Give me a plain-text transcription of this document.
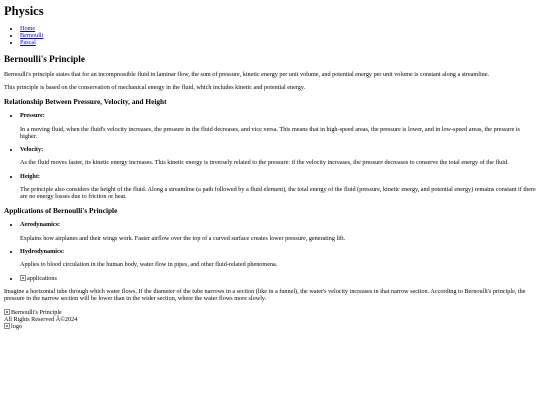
Physics
• Home
• Bernoulli
• Pascal
Bernoulli's Principle

Bernoulli's principle states that for an incompressible fluid in laminar flow, the sum of pressure, kinetic energy per unit volume, and potential energy per unit volume is constant along a streamline.

This principle is based on the conservation of mechanical energy in the fluid, which includes kinetic and potential energy.

Relationship Between Pressure, Velocity, and Height
• Pressure:

In a moving fluid, when the fluid's velocity increases, the pressure in the fluid decreases, and vice versa. This means that in high-speed areas, the pressure is lower, and in low-speed areas, the pressure is higher.

• Velocity:

As the fluid moves faster, its kinetic energy increases. This kinetic energy is inversely related to the pressure: if the velocity increases, the pressure decreases to conserve the total energy of the fluid.

• Height:

The principle also considers the height of the fluid. Along a streamline (a path followed by a fluid element), the total energy of the fluid (pressure, kinetic energy, and potential energy) remains constant if there are no energy losses due to friction or heat.

Applications of Bernoulli's Principle
• Aerodynamics:

Explains how airplanes and their wings work. Faster airflow over the top of a curved surface creates lower pressure, generating lift.

• Hydrodynamics:

Applies to blood circulation in the human body, water flow in pipes, and other fluid-related phenomena.

• applications

Imagine a horizontal tube through which water flows. If the diameter of the tube narrows in a section (like in a funnel), the water's velocity increases in that narrow section. According to Bernoulli's principle, the pressure in the narrow section will be lower than in the wider section, where the water flows more slowly.

Bernoulli's Principle
All Rights Reserved Â©2024
logo
